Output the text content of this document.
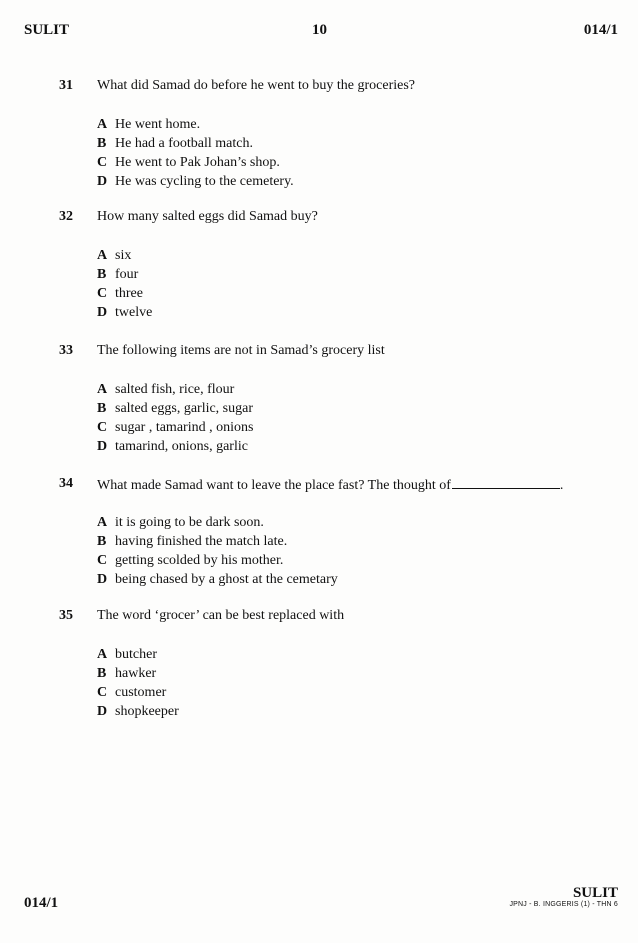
SULIT	10	014/1
31 What did Samad do before he went to buy the groceries?
A He went home.
B He had a football match.
C He went to Pak Johan’s shop.
D He was cycling to the cemetery.
32 How many salted eggs did Samad buy?
A six
B four
C three
D twelve
33 The following items are not in Samad’s grocery list
A salted fish, rice, flour
B salted eggs, garlic, sugar
C sugar , tamarind , onions
D tamarind, onions, garlic
34 What made Samad want to leave the place fast? The thought of	.
A it is going to be dark soon.
B having finished the match late.
C getting scolded by his mother.
D being chased by a ghost at the cemetary
35 The word ‘grocer’ can be best replaced with
A butcher
B hawker
C customer
D shopkeeper
014/1
SULIT
JPNJ - B. INGGERIS (1) - THN 6
